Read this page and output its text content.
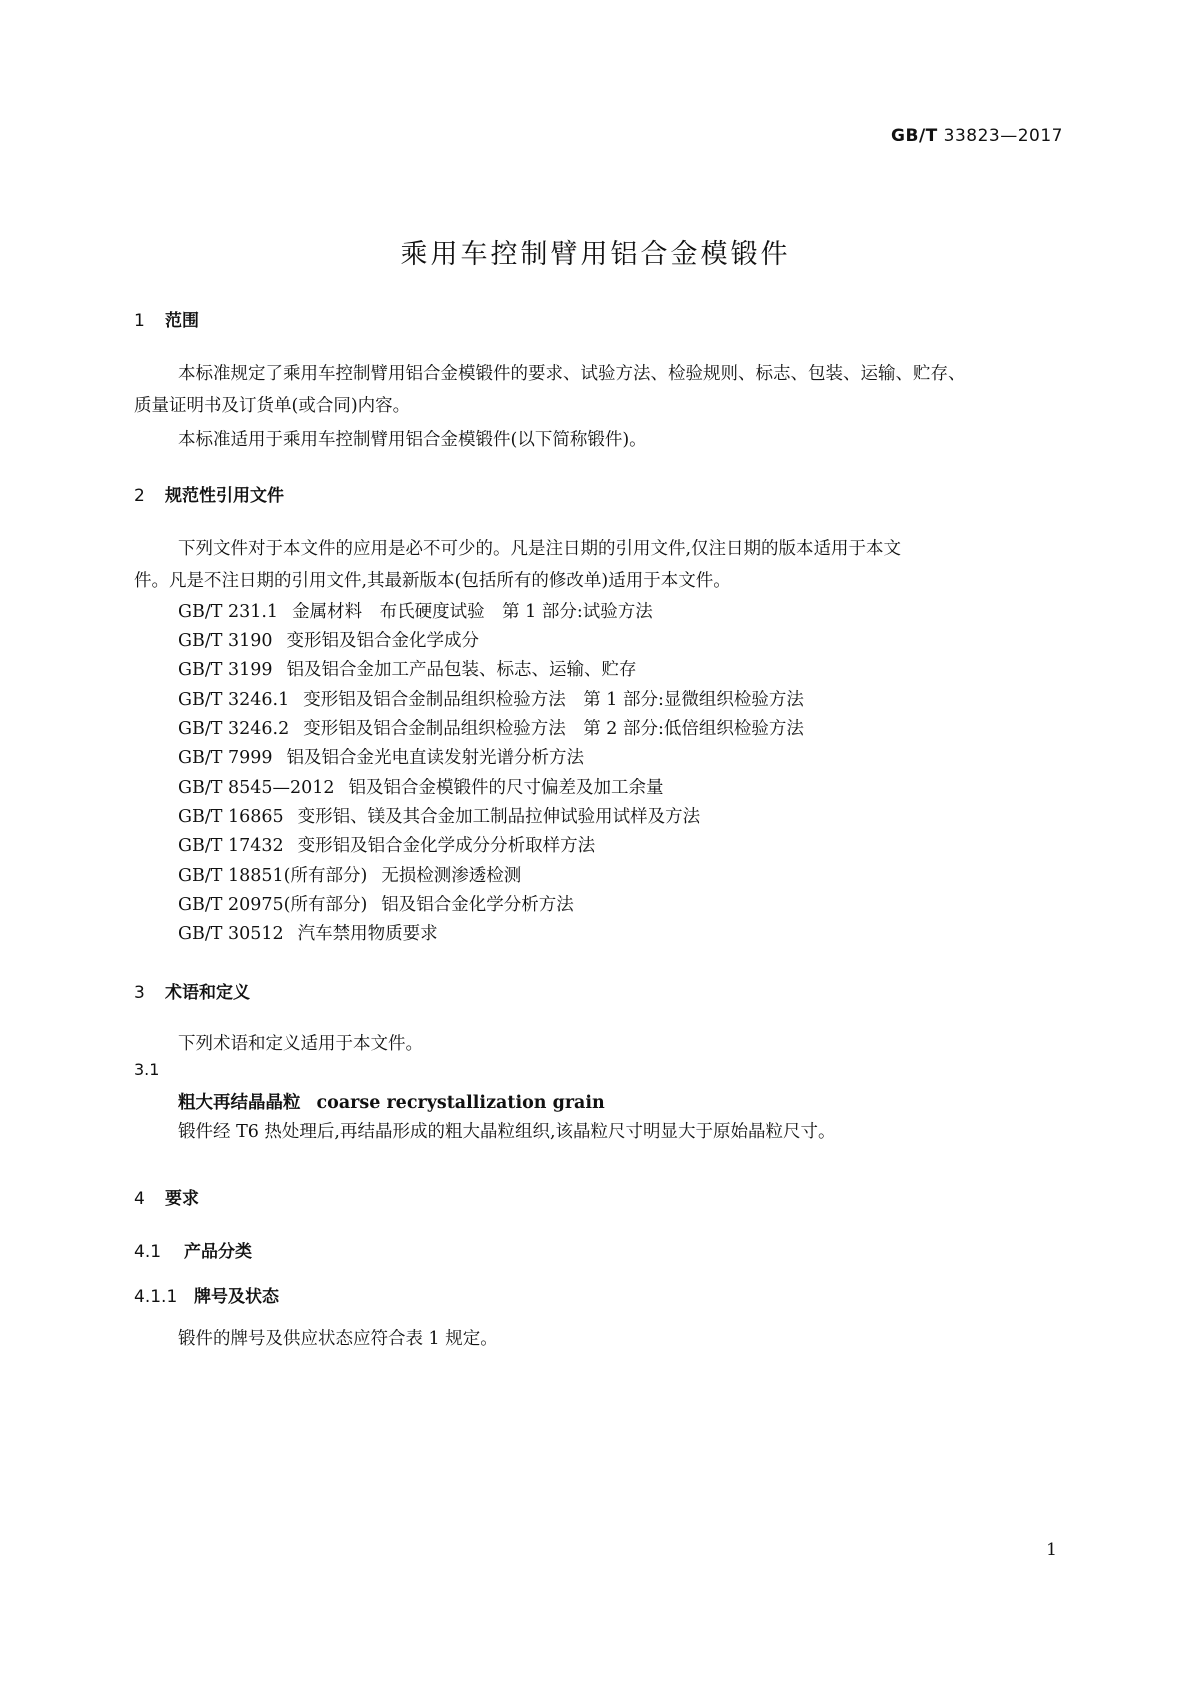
GB/T 33823—2017
乘用车控制臂用铝合金模锻件
1 范围

本标准规定了乘用车控制臂用铝合金模锻件的要求、试验方法、检验规则、标志、包装、运输、贮存、
质量证明书及订货单(或合同)内容。

本标准适用于乘用车控制臂用铝合金模锻件(以下简称锻件)。

2 规范性引用文件

下列文件对于本文件的应用是必不可少的。凡是注日期的引用文件,仅注日期的版本适用于本文
件。凡是不注日期的引用文件,其最新版本(包括所有的修改单)适用于本文件。

GB/T 231.1 金属材料　布氏硬度试验　第 1 部分:试验方法

GB/T 3190 变形铝及铝合金化学成分

GB/T 3199 铝及铝合金加工产品包装、标志、运输、贮存

GB/T 3246.1 变形铝及铝合金制品组织检验方法　第 1 部分:显微组织检验方法

GB/T 3246.2 变形铝及铝合金制品组织检验方法　第 2 部分:低倍组织检验方法

GB/T 7999 铝及铝合金光电直读发射光谱分析方法

GB/T 8545—2012 铝及铝合金模锻件的尺寸偏差及加工余量

GB/T 16865 变形铝、镁及其合金加工制品拉伸试验用试样及方法

GB/T 17432 变形铝及铝合金化学成分分析取样方法

GB/T 18851(所有部分) 无损检测渗透检测

GB/T 20975(所有部分) 铝及铝合金化学分析方法

GB/T 30512 汽车禁用物质要求

3 术语和定义

下列术语和定义适用于本文件。

3.1
粗大再结晶晶粒 coarse recrystallization grain

锻件经 T6 热处理后,再结晶形成的粗大晶粒组织,该晶粒尺寸明显大于原始晶粒尺寸。

4 要求
4.1 产品分类
4.1.1 牌号及状态

锻件的牌号及供应状态应符合表 1 规定。

1
